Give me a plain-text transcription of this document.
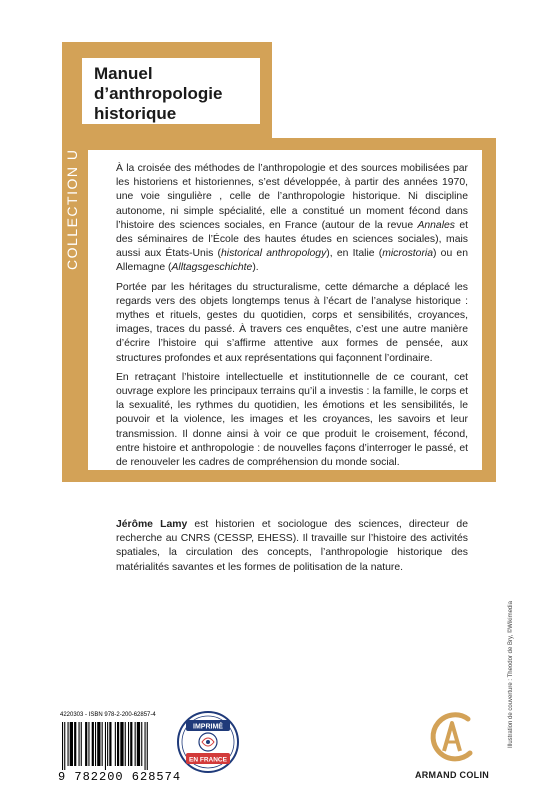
Manuel
d’anthropologie
historique
COLLECTION U	À la croisée des méthodes de l’anthropologie et des sources mobilisées par les historiens et historiennes, s’est développée, à partir des années 1970, une voie singulière , celle de l’anthropologie historique. Ni discipline autonome, ni simple spécialité, elle a constitué un moment fécond dans l’histoire des sciences sociales, en France (autour de la revue Annales et des séminaires de l’École des hautes études en sciences sociales), mais aussi aux États-Unis (historical anthropology), en Italie (microstoria) ou en Allemagne (Alltagsgeschichte).

Portée par les héritages du structuralisme, cette démarche a déplacé les regards vers des objets longtemps tenus à l’écart de l’analyse historique : mythes et rituels, gestes du quotidien, corps et sensibilités, croyances, images, traces du passé. À travers ces enquêtes, c’est une autre manière d’écrire l’histoire qui s’affirme attentive aux formes de pensée, aux structures profondes et aux représentations qui façonnent l’ordinaire.

En retraçant l’histoire intellectuelle et institutionnelle de ce courant, cet ouvrage explore les principaux terrains qu’il a investis : la famille, le corps et la sexualité, les rythmes du quotidien, les émotions et les sensibilités, le pouvoir et la violence, les images et les croyances, les savoirs et leur transmission. Il donne ainsi à voir ce que produit le croisement, fécond, entre histoire et anthropologie : de nouvelles façons d’interroger le passé, et de renouveler les cadres de compréhension du monde social.

Jérôme Lamy est historien et sociologue des sciences, directeur de recherche au CNRS (CESSP, EHESS). Il travaille sur l’histoire des activités spatiales, la circulation des concepts, l’anthropologie historique des matérialités savantes et les formes de politisation de la nature.
Illustration de couverture : Theodor de Bry, ©Wikimedia
4220303 - ISBN 978-2-200-62857-4
9 782200 628574
IMPRIMÉ
EN FRANCE
AC
ARMAND COLIN
